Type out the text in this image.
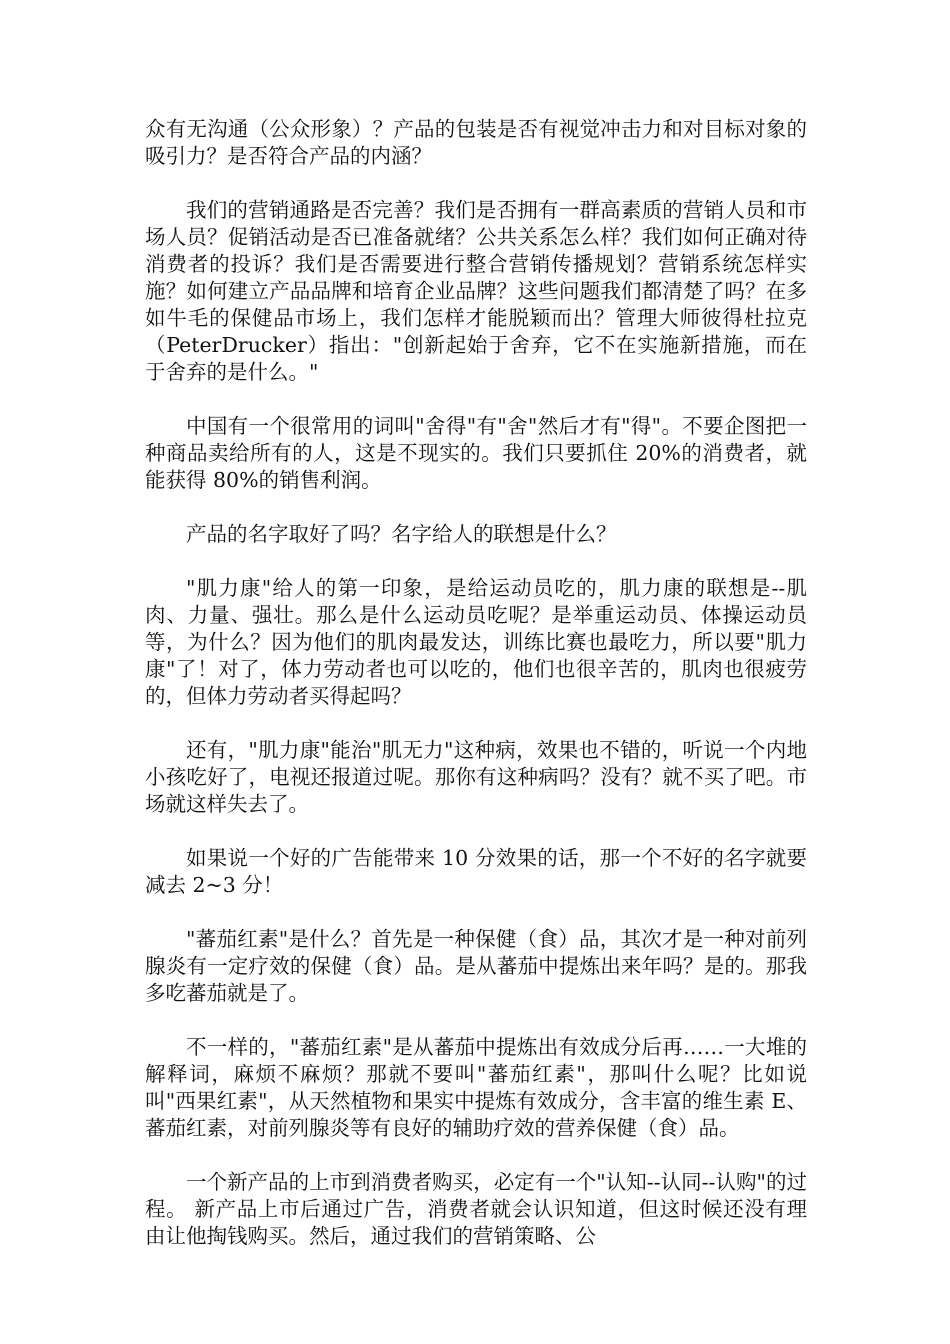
众有无沟通（公众形象）？产品的包装是否有视觉冲击力和对目标对象的吸引力？是否符合产品的内涵？

我们的营销通路是否完善？我们是否拥有一群高素质的营销人员和市场人员？促销活动是否已准备就绪？公共关系怎么样？我们如何正确对待消费者的投诉？我们是否需要进行整合营销传播规划？营销系统怎样实施？如何建立产品品牌和培育企业品牌？这些问题我们都清楚了吗？在多如牛毛的保健品市场上，我们怎样才能脱颖而出？管理大师彼得杜拉克（PeterDrucker）指出："创新起始于舍弃，它不在实施新措施，而在于舍弃的是什么。"

中国有一个很常用的词叫"舍得"有"舍"然后才有"得"。不要企图把一种商品卖给所有的人，这是不现实的。我们只要抓住 20%的消费者，就能获得 80%的销售利润。

产品的名字取好了吗？名字给人的联想是什么？

"肌力康"给人的第一印象，是给运动员吃的，肌力康的联想是--肌肉、力量、强壮。那么是什么运动员吃呢？是举重运动员、体操运动员等，为什么？因为他们的肌肉最发达，训练比赛也最吃力，所以要"肌力康"了！对了，体力劳动者也可以吃的，他们也很辛苦的，肌肉也很疲劳的，但体力劳动者买得起吗？

还有，"肌力康"能治"肌无力"这种病，效果也不错的，听说一个内地小孩吃好了，电视还报道过呢。那你有这种病吗？没有？就不买了吧。市场就这样失去了。

如果说一个好的广告能带来 10 分效果的话，那一个不好的名字就要减去 2~3 分！

"蕃茄红素"是什么？首先是一种保健（食）品，其次才是一种对前列腺炎有一定疗效的保健（食）品。是从蕃茄中提炼出来年吗？是的。那我多吃蕃茄就是了。

不一样的，"蕃茄红素"是从蕃茄中提炼出有效成分后再……一大堆的解释词，麻烦不麻烦？那就不要叫"蕃茄红素"，那叫什么呢？比如说叫"西果红素"，从天然植物和果实中提炼有效成分，含丰富的维生素 E、蕃茄红素，对前列腺炎等有良好的辅助疗效的营养保健（食）品。

一个新产品的上市到消费者购买，必定有一个"认知--认同--认购"的过程。 新产品上市后通过广告，消费者就会认识知道，但这时候还没有理由让他掏钱购买。然后，通过我们的营销策略、公
